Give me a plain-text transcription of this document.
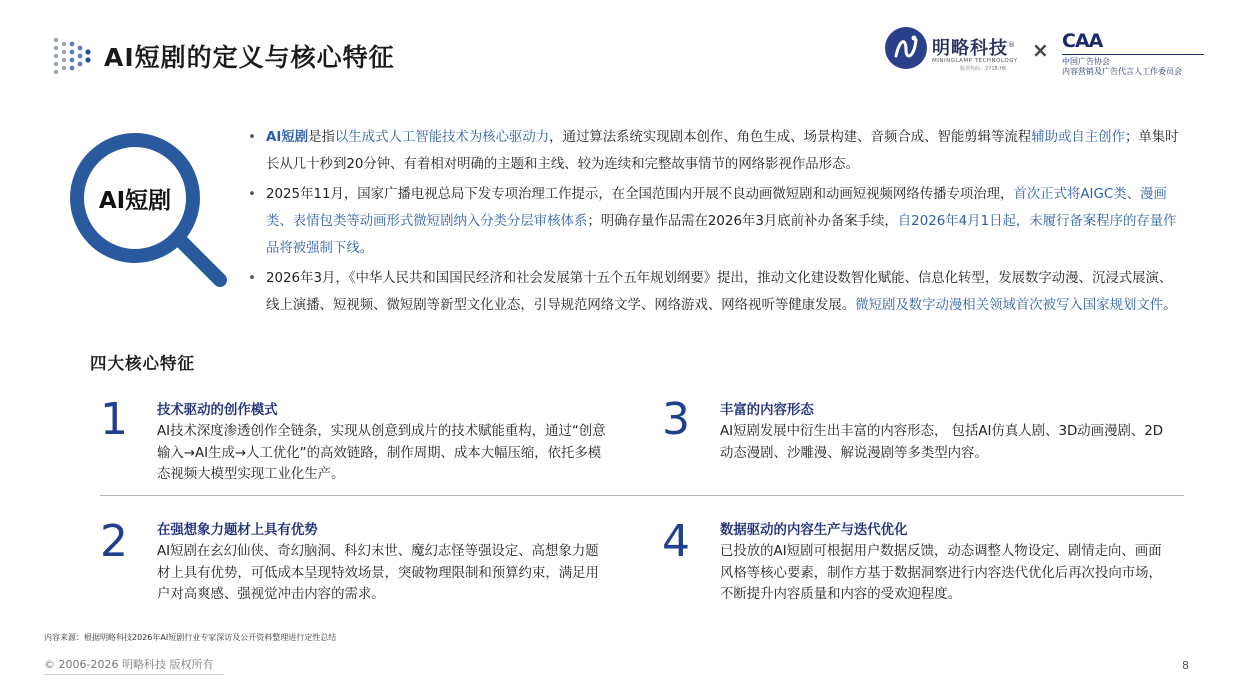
AI短剧的定义与核心特征	明略科技®
MININGLAMP TECHNOLOGY
股票代码：2718.HK
× CAA
中国广告协会
内容营销及广告代言人工作委员会
AI短剧
• AI短剧是指以生成式人工智能技术为核心驱动力，通过算法系统实现剧本创作、角色生成、场景构建、音频合成、智能剪辑等流程辅助或自主创作；单集时长从几十秒到20分钟、有着相对明确的主题和主线、较为连续和完整故事情节的网络影视作品形态。
• 2025年11月，国家广播电视总局下发专项治理工作提示，在全国范围内开展不良动画微短剧和动画短视频网络传播专项治理，首次正式将AIGC类、漫画类、表情包类等动画形式微短剧纳入分类分层审核体系；明确存量作品需在2026年3月底前补办备案手续，自2026年4月1日起，未履行备案程序的存量作品将被强制下线。
• 2026年3月，《中华人民共和国国民经济和社会发展第十五个五年规划纲要》提出，推动文化建设数智化赋能、信息化转型，发展数字动漫、沉浸式展演、线上演播、短视频、微短剧等新型文化业态，引导规范网络文学、网络游戏、网络视听等健康发展。微短剧及数字动漫相关领域首次被写入国家规划文件。
四大核心特征
1 技术驱动的创作模式
AI技术深度渗透创作全链条，实现从创意到成片的技术赋能重构，通过“创意输入→AI生成→人工优化”的高效链路，制作周期、成本大幅压缩，依托多模态视频大模型实现工业化生产。
3 丰富的内容形态
AI短剧发展中衍生出丰富的内容形态， 包括AI仿真人剧、3D动画漫剧、2D动态漫剧、沙雕漫、解说漫剧等多类型内容。
2 在强想象力题材上具有优势
AI短剧在玄幻仙侠、奇幻脑洞、科幻末世、魔幻志怪等强设定、高想象力题材上具有优势，可低成本呈现特效场景，突破物理限制和预算约束，满足用户对高爽感、强视觉冲击内容的需求。
4 数据驱动的内容生产与迭代优化
已投放的AI短剧可根据用户数据反馈，动态调整人物设定、剧情走向、画面风格等核心要素，制作方基于数据洞察进行内容迭代优化后再次投向市场，不断提升内容质量和内容的受欢迎程度。
内容来源：根据明略科技2026年AI短剧行业专家深访及公开资料整理进行定性总结
© 2006-2026 明略科技 版权所有	8
